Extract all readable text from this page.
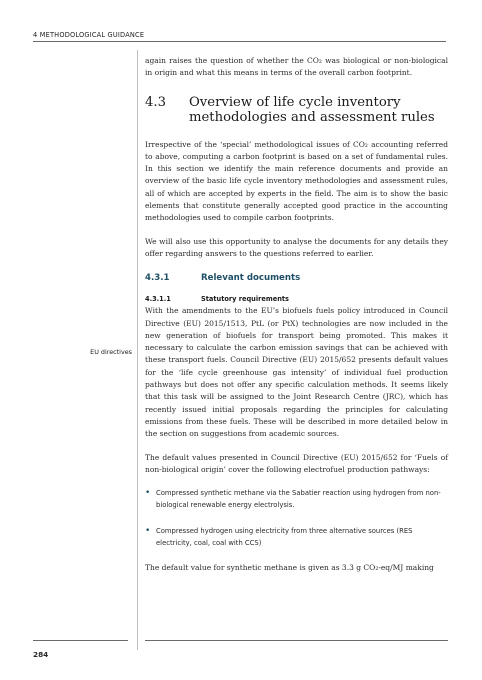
4 METHODOLOGICAL GUIDANCE
EU directives

again raises the question of whether the CO₂ was biological or non-biological in origin and what this means in terms of the overall carbon footprint.

4.3	Overview of life cycle inventory methodologies and assessment rules

Irrespective of the ‘special’ methodological issues of CO₂ accounting referred to above, computing a carbon footprint is based on a set of fundamental rules. In this section we identify the main reference documents and provide an overview of the basic life cycle inventory methodologies and assessment rules, all of which are accepted by experts in the field. The aim is to show the basic elements that constitute generally accepted good practice in the accounting methodologies used to compile carbon footprints.

We will also use this opportunity to analyse the documents for any details they offer regarding answers to the questions referred to earlier.

4.3.1	Relevant documents
4.3.1.1	Statutory requirements

With the amendments to the EU’s biofuels fuels policy introduced in Council Directive (EU) 2015/1513, PtL (or PtX) technologies are now included in the new generation of biofuels for transport being promoted. This makes it necessary to calculate the carbon emission savings that can be achieved with these transport fuels. Council Directive (EU) 2015/652 presents default values for the ‘life cycle greenhouse gas intensity’ of individual fuel production pathways but does not offer any specific calculation methods. It seems likely that this task will be assigned to the Joint Research Centre (JRC), which has recently issued initial proposals regarding the principles for calculating emissions from these fuels. These will be described in more detailed below in the section on suggestions from academic sources.

The default values presented in Council Directive (EU) 2015/652 for ‘Fuels of non-biological origin’ cover the following electrofuel production pathways:

• Compressed synthetic methane via the Sabatier reaction using hydrogen from non-biological renewable energy electrolysis.
• Compressed hydrogen using electricity from three alternative sources (RES electricity, coal, coal with CCS)

The default value for synthetic methane is given as 3.3 g CO₂-eq/MJ making

284
